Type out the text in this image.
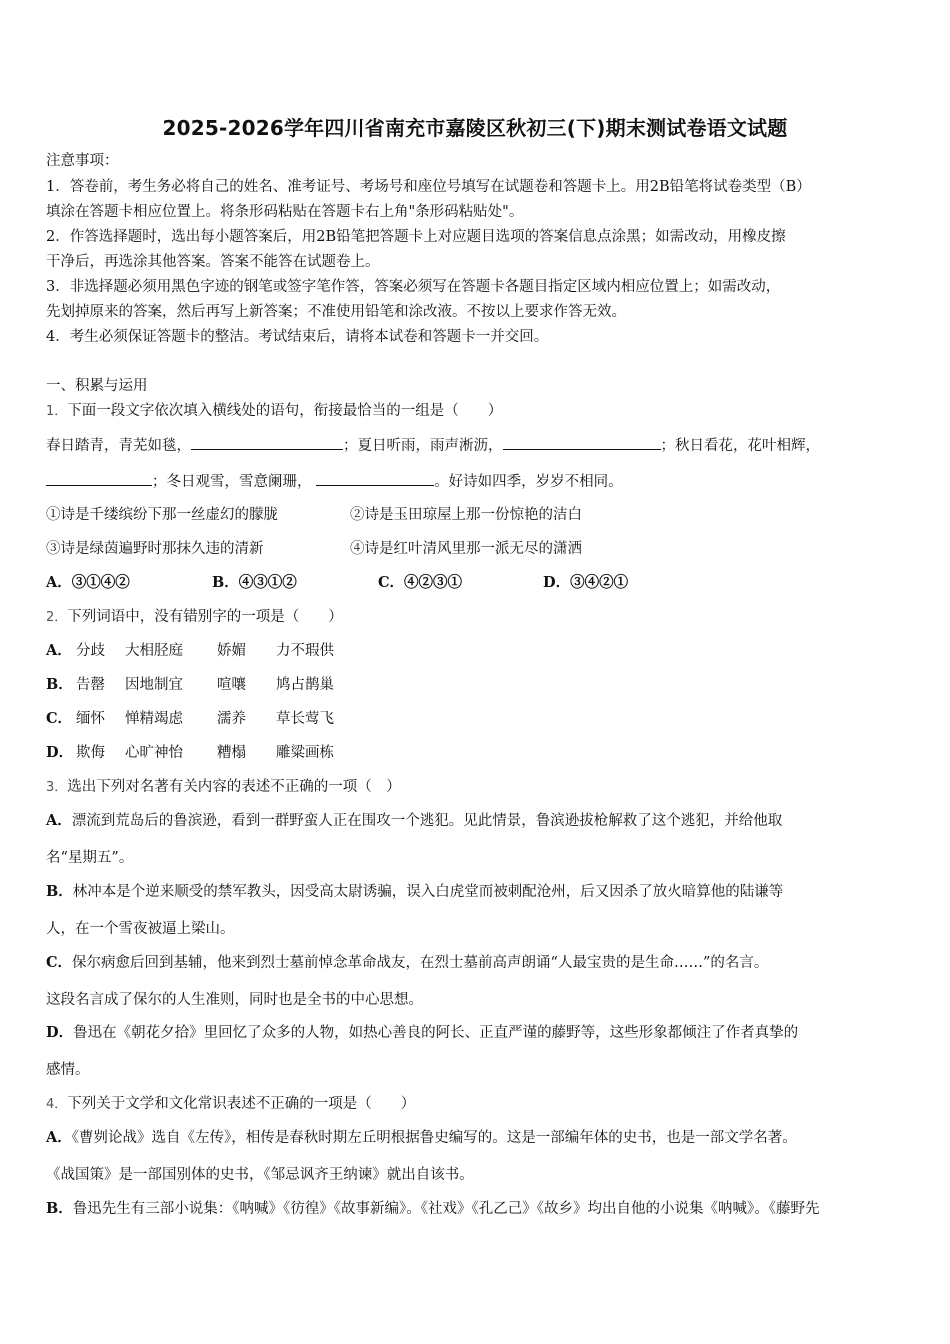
2025-2026学年四川省南充市嘉陵区秋初三(下)期末测试卷语文试题
注意事项：
1．答卷前，考生务必将自己的姓名、准考证号、考场号和座位号填写在试题卷和答题卡上。用2B铅笔将试卷类型（B）
填涂在答题卡相应位置上。将条形码粘贴在答题卡右上角"条形码粘贴处"。
2．作答选择题时，选出每小题答案后，用2B铅笔把答题卡上对应题目选项的答案信息点涂黑；如需改动，用橡皮擦
干净后，再选涂其他答案。答案不能答在试题卷上。
3．非选择题必须用黑色字迹的钢笔或签字笔作答，答案必须写在答题卡各题目指定区域内相应位置上；如需改动，
先划掉原来的答案，然后再写上新答案；不准使用铅笔和涂改液。不按以上要求作答无效。
4．考生必须保证答题卡的整洁。考试结束后，请将本试卷和答题卡一并交回。
一、积累与运用
1．下面一段文字依次填入横线处的语句，衔接最恰当的一组是（　　）
春日踏青，青芜如毯，	；夏日听雨，雨声淅沥，	；秋日看花，花叶相辉，
；冬日观雪，雪意阑珊，	。好诗如四季，岁岁不相同。
①诗是千缕缤纷下那一丝虚幻的朦胧	②诗是玉田琼屋上那一份惊艳的洁白
③诗是绿茵遍野时那抹久违的清新	④诗是红叶清风里那一派无尽的潇洒
A．③①④②	B．④③①②	C．④②③①	D．③④②①
2．下列词语中，没有错别字的一项是（　　）
A． 分歧 大相胫庭 娇媚 力不瑕供
B． 告罄 因地制宜 喧嚷 鸠占鹊巢
C． 缅怀 惮精竭虑 濡养 草长莺飞
D． 欺侮 心旷神怡 糟榻 雕粱画栋
3．选出下列对名著有关内容的表述不正确的一项（　）
A．漂流到荒岛后的鲁滨逊，看到一群野蛮人正在围攻一个逃犯。见此情景，鲁滨逊拔枪解救了这个逃犯，并给他取
名“星期五”。
B．林冲本是个逆来顺受的禁军教头，因受高太尉诱骗，误入白虎堂而被刺配沧州，后又因杀了放火暗算他的陆谦等
人，在一个雪夜被逼上梁山。
C．保尔病愈后回到基辅，他来到烈士墓前悼念革命战友，在烈士墓前高声朗诵“人最宝贵的是生命……”的名言。
这段名言成了保尔的人生准则，同时也是全书的中心思想。
D．鲁迅在《朝花夕拾》里回忆了众多的人物，如热心善良的阿长、正直严谨的藤野等，这些形象都倾注了作者真挚的
感情。
4．下列关于文学和文化常识表述不正确的一项是（　　）
A．《曹刿论战》选自《左传》，相传是春秋时期左丘明根据鲁史编写的。这是一部编年体的史书，也是一部文学名著。
《战国策》是一部国别体的史书，《邹忌讽齐王纳谏》就出自该书。
B．鲁迅先生有三部小说集：《呐喊》《彷徨》《故事新编》。《社戏》《孔乙己》《故乡》均出自他的小说集《呐喊》。《藤野先
